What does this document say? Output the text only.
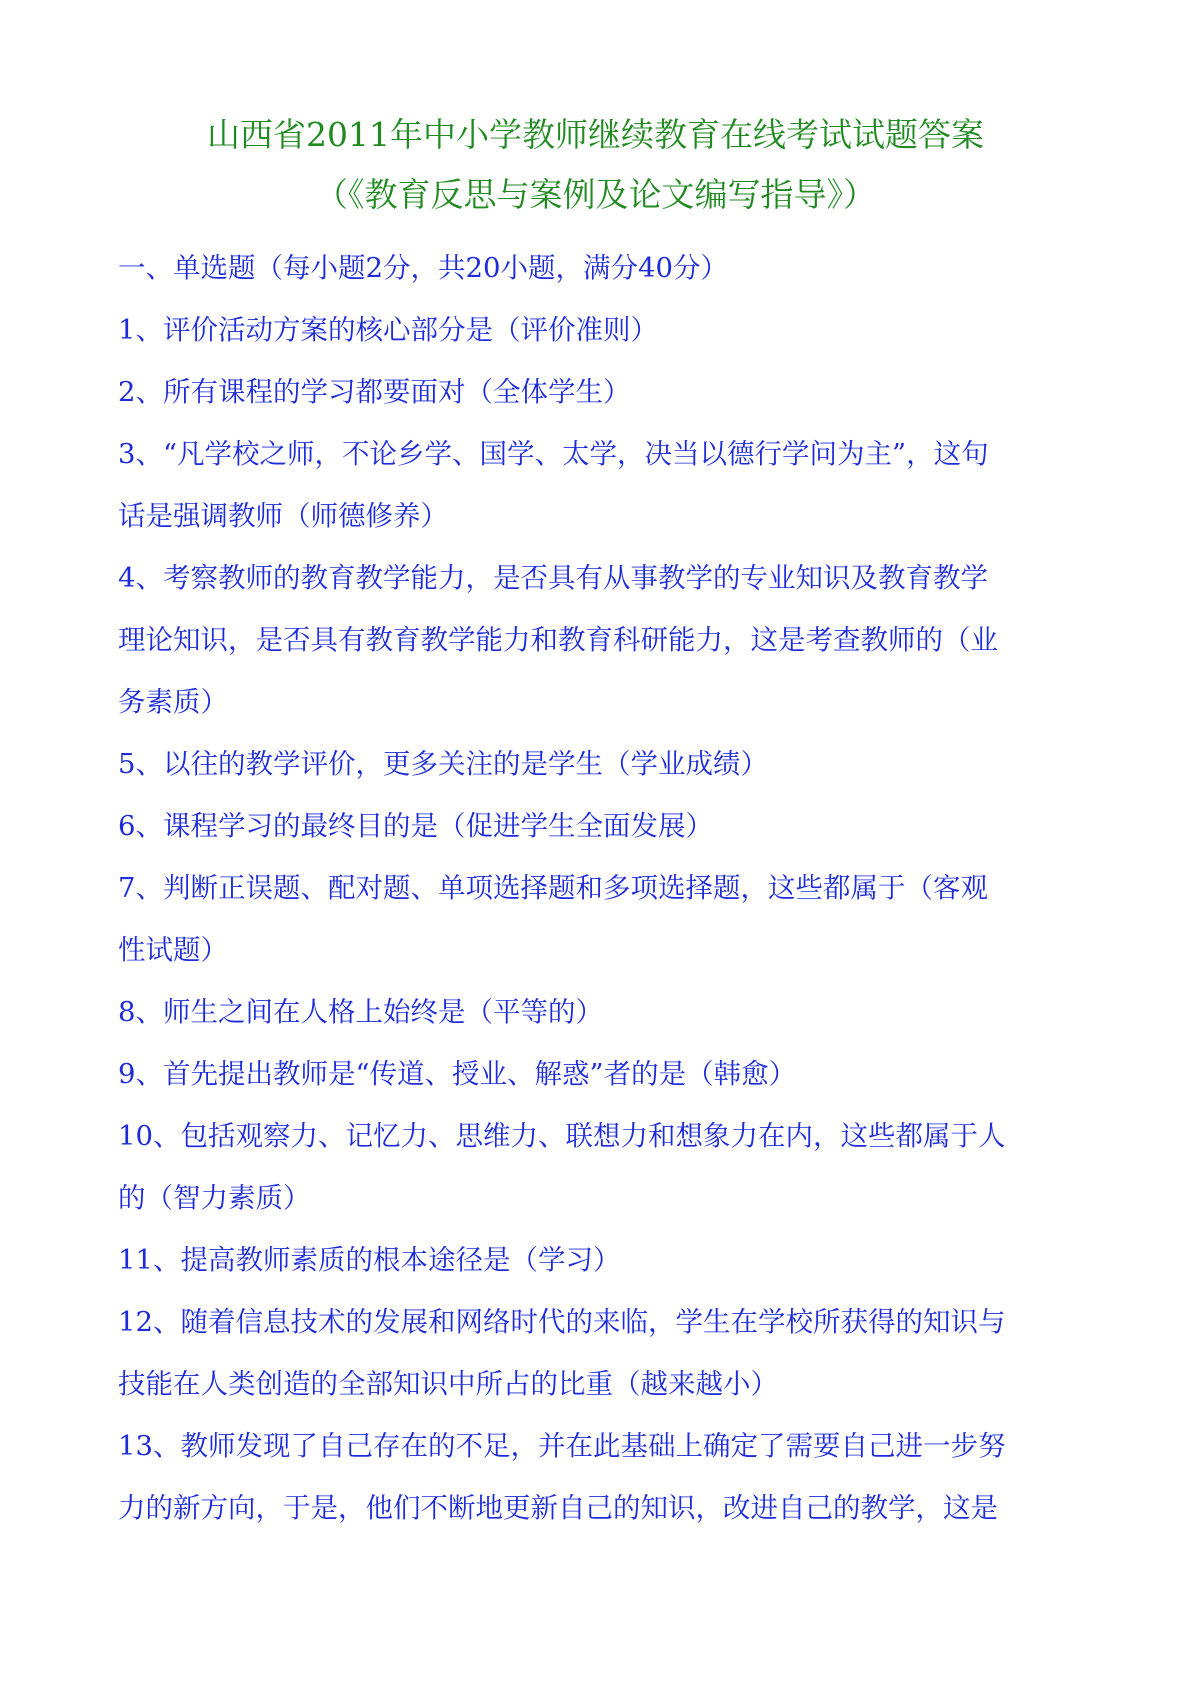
山西省2011年中小学教师继续教育在线考试试题答案
（《教育反思与案例及论文编写指导》）

一、单选题（每小题2分，共20小题，满分40分）

1、评价活动方案的核心部分是（评价准则）

2、所有课程的学习都要面对（全体学生）

3、“凡学校之师，不论乡学、国学、太学，决当以德行学问为主”，这句

话是强调教师（师德修养）

4、考察教师的教育教学能力，是否具有从事教学的专业知识及教育教学

理论知识，是否具有教育教学能力和教育科研能力，这是考查教师的（业

务素质）

5、以往的教学评价，更多关注的是学生（学业成绩）

6、课程学习的最终目的是（促进学生全面发展）

7、判断正误题、配对题、单项选择题和多项选择题，这些都属于（客观

性试题）

8、师生之间在人格上始终是（平等的）

9、首先提出教师是“传道、授业、解惑”者的是（韩愈）

10、包括观察力、记忆力、思维力、联想力和想象力在内，这些都属于人

的（智力素质）

11、提高教师素质的根本途径是（学习）

12、随着信息技术的发展和网络时代的来临，学生在学校所获得的知识与

技能在人类创造的全部知识中所占的比重（越来越小）

13、教师发现了自己存在的不足，并在此基础上确定了需要自己进一步努

力的新方向，于是，他们不断地更新自己的知识，改进自己的教学，这是
